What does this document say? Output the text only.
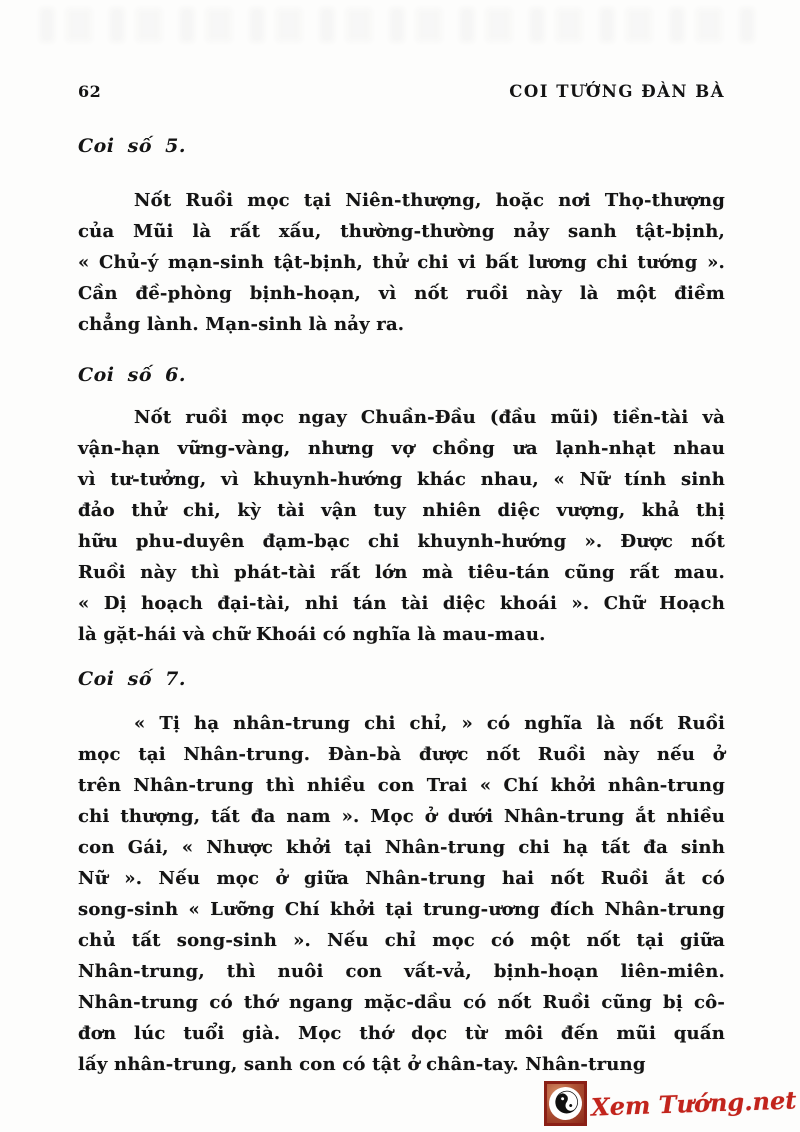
62	COI TƯỚNG ĐÀN BÀ
Coi số 5.
Nốt Ruồi mọc tại Niên-thượng, hoặc nơi Thọ-thượng
của Mũi là rất xấu, thường-thường nảy sanh tật-bịnh,
« Chủ-ý mạn-sinh tật-bịnh, thử chi vi bất lương chi tướng ».
Cần đề-phòng bịnh-hoạn, vì nốt ruồi này là một điềm
chẳng lành. Mạn-sinh là nảy ra.
Coi số 6.
Nốt ruồi mọc ngay Chuần-Đầu (đầu mũi) tiền-tài và
vận-hạn vững-vàng, nhưng vợ chồng ưa lạnh-nhạt nhau
vì tư-tưởng, vì khuynh-hướng khác nhau, « Nữ tính sinh
đảo thử chi, kỳ tài vận tuy nhiên diệc vượng, khả thị
hữu phu-duyên đạm-bạc chi khuynh-hướng ». Được nốt
Ruồi này thì phát-tài rất lớn mà tiêu-tán cũng rất mau.
« Dị hoạch đại-tài, nhi tán tài diệc khoái ». Chữ Hoạch
là gặt-hái và chữ Khoái có nghĩa là mau-mau.
Coi số 7.
« Tị hạ nhân-trung chi chỉ, » có nghĩa là nốt Ruồi
mọc tại Nhân-trung. Đàn-bà được nốt Ruồi này nếu ở
trên Nhân-trung thì nhiều con Trai « Chí khởi nhân-trung
chi thượng, tất đa nam ». Mọc ở dưới Nhân-trung ắt nhiều
con Gái, « Nhược khởi tại Nhân-trung chi hạ tất đa sinh
Nữ ». Nếu mọc ở giữa Nhân-trung hai nốt Ruồi ắt có
song-sinh « Lưỡng Chí khởi tại trung-ương đích Nhân-trung
chủ tất song-sinh ». Nếu chỉ mọc có một nốt tại giữa
Nhân-trung, thì nuôi con vất-vả, bịnh-hoạn liên-miên.
Nhân-trung có thớ ngang mặc-dầu có nốt Ruồi cũng bị cô-
đơn lúc tuổi già. Mọc thớ dọc từ môi đến mũi quấn
lấy nhân-trung, sanh con có tật ở chân-tay. Nhân-trung
☯ Xem Tướng.net
